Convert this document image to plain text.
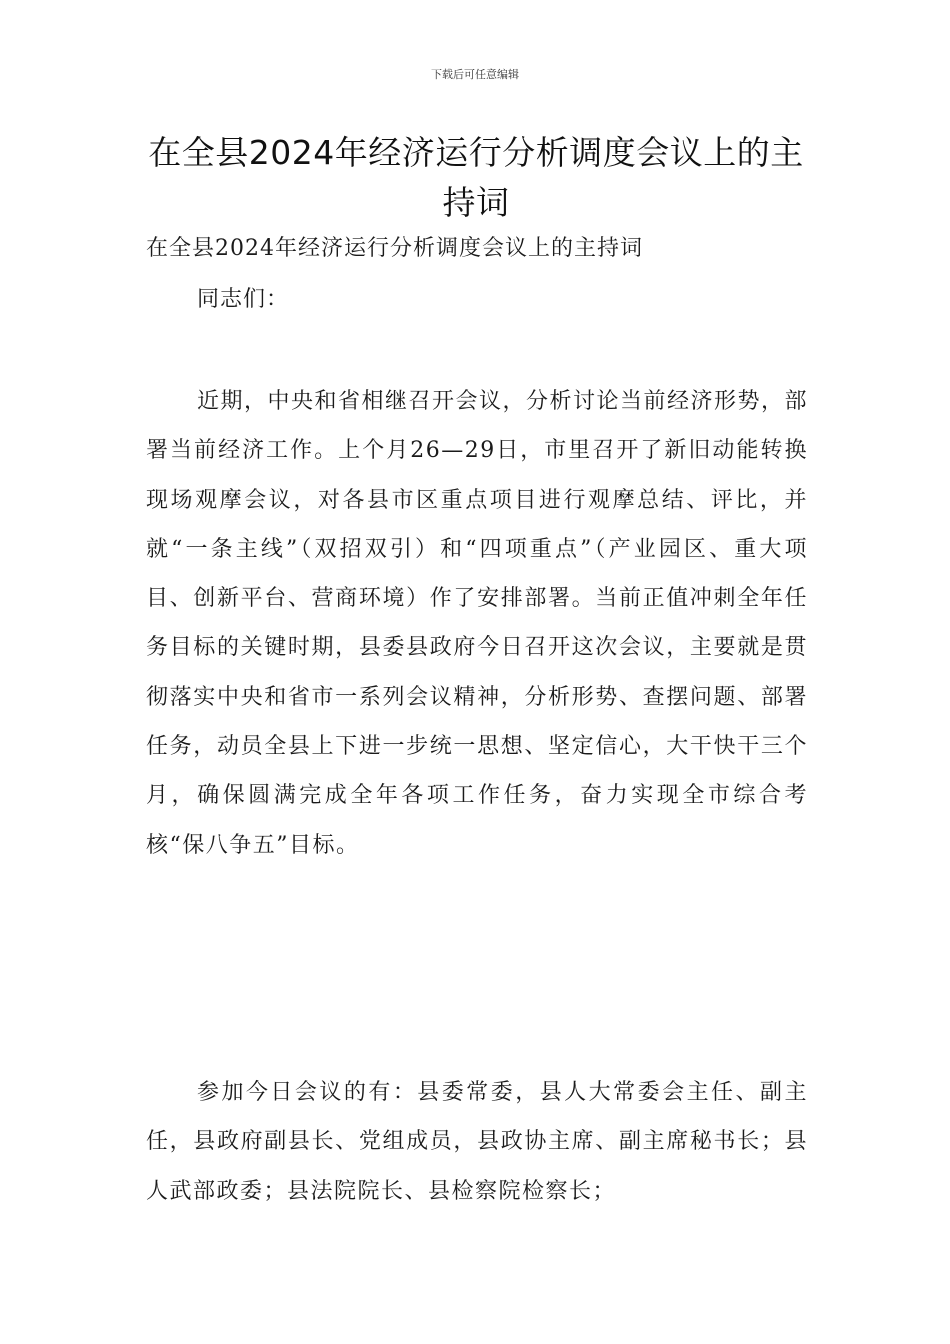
下载后可任意编辑
在全县2024年经济运行分析调度会议上的主持词
在全县2024年经济运行分析调度会议上的主持词
同志们：

近期，中央和省相继召开会议，分析讨论当前经济形势，部署当前经济工作。上个月26—29日，市里召开了新旧动能转换现场观摩会议，对各县市区重点项目进行观摩总结、评比，并就“一条主线”（双招双引）和“四项重点”（产业园区、重大项目、创新平台、营商环境）作了安排部署。当前正值冲刺全年任务目标的关键时期，县委县政府今日召开这次会议，主要就是贯彻落实中央和省市一系列会议精神，分析形势、查摆问题、部署任务，动员全县上下进一步统一思想、坚定信心，大干快干三个月，确保圆满完成全年各项工作任务，奋力实现全市综合考核“保八争五”目标。

参加今日会议的有：县委常委，县人大常委会主任、副主任，县政府副县长、党组成员，县政协主席、副主席秘书长；县人武部政委；县法院院长、县检察院检察长；
